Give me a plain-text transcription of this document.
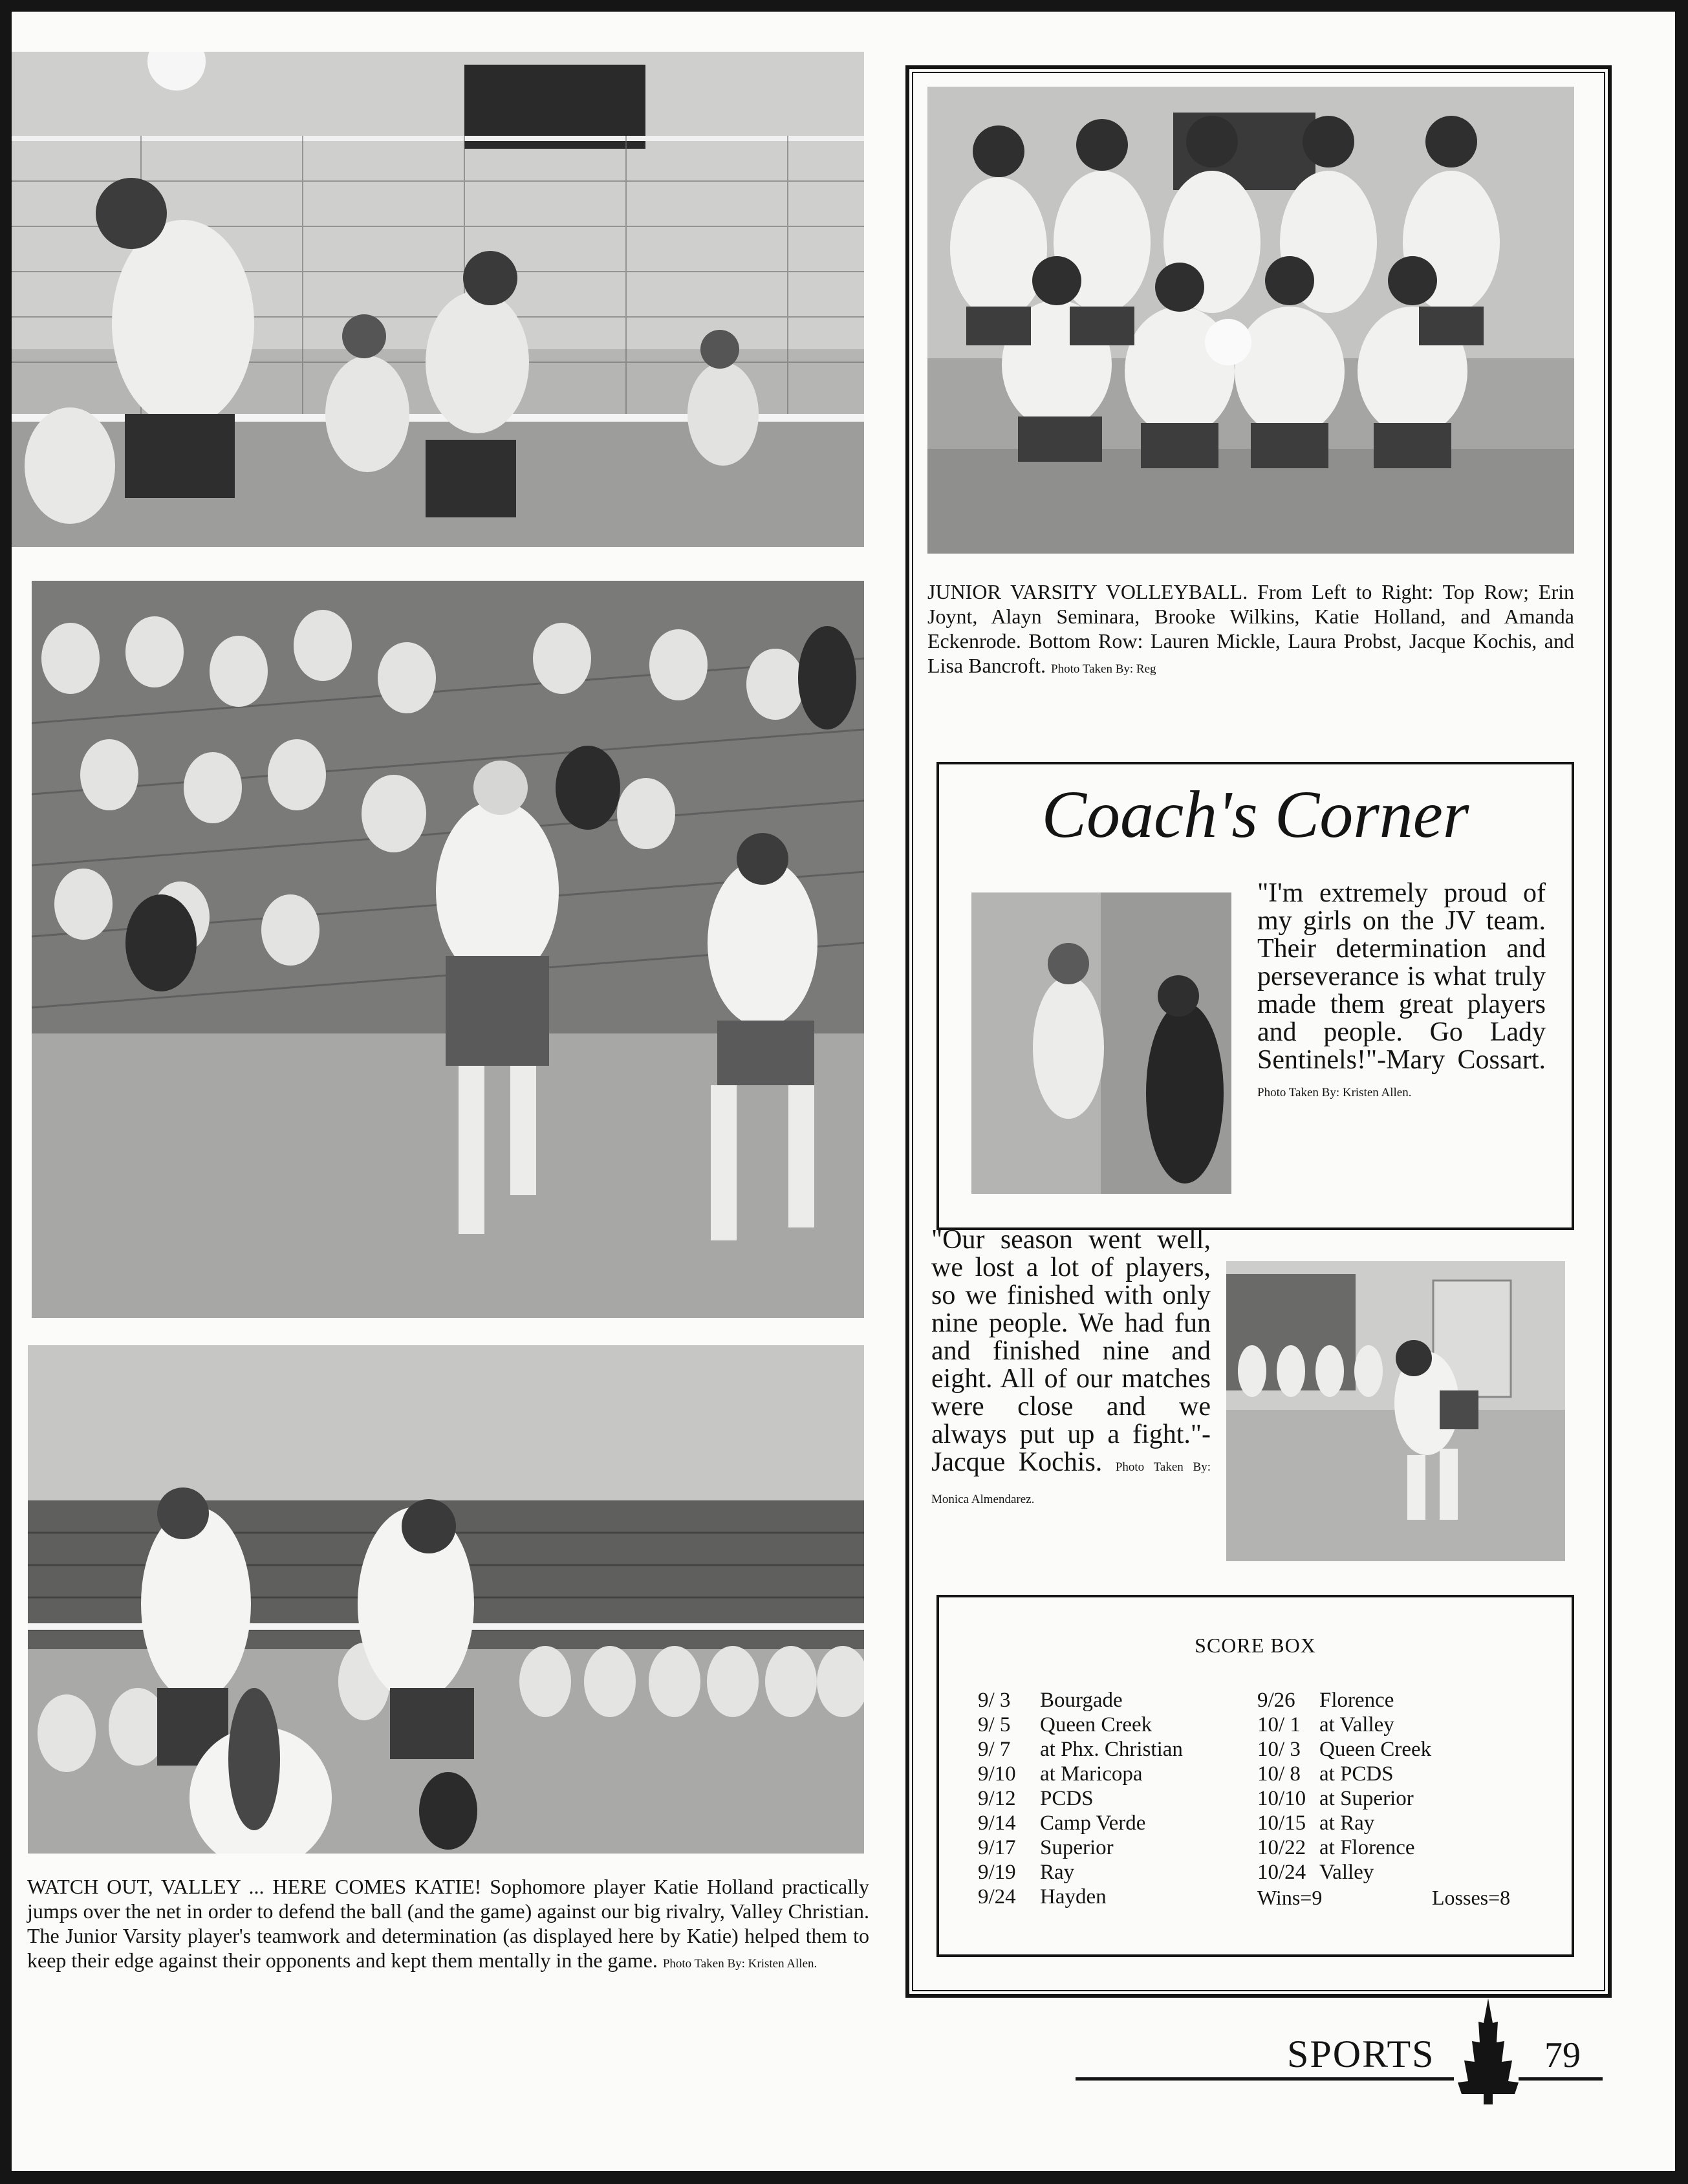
WATCH OUT, VALLEY ... HERE COMES KATIE! Sophomore player Katie Holland practically jumps over the net in order to defend the ball (and the game) against our big rivalry, Valley Christian. The Junior Varsity player's teamwork and determination (as displayed here by Katie) helped them to keep their edge against their opponents and kept them mentally in the game. Photo Taken By: Kristen Allen.
JUNIOR VARSITY VOLLEYBALL. From Left to Right: Top Row; Erin Joynt, Alayn Seminara, Brooke Wilkins, Katie Holland, and Amanda Eckenrode. Bottom Row: Lauren Mickle, Laura Probst, Jacque Kochis, and Lisa Bancroft. Photo Taken By: Reg
Coach's Corner
"I'm extremely proud of my girls on the JV team. Their determination and perseverance is what truly made them great players and people. Go Lady Sentinels!"-Mary Cossart. Photo Taken By: Kristen Allen.
"Our season went well, we lost a lot of players, so we finished with only nine people. We had fun and finished nine and eight. All of our matches were close and we always put up a fight."-Jacque Kochis. Photo Taken By: Monica Almendarez.
SCORE BOX
9/ 3 Bourgade
9/ 5 Queen Creek
9/ 7 at Phx. Christian
9/10 at Maricopa
9/12 PCDS
9/14 Camp Verde
9/17 Superior
9/19 Ray
9/24 Hayden
9/26 Florence
10/ 1 at Valley
10/ 3 Queen Creek
10/ 8 at PCDS
10/10 at Superior
10/15 at Ray
10/22 at Florence
10/24 Valley
Wins=9	Losses=8
SPORTS	79
